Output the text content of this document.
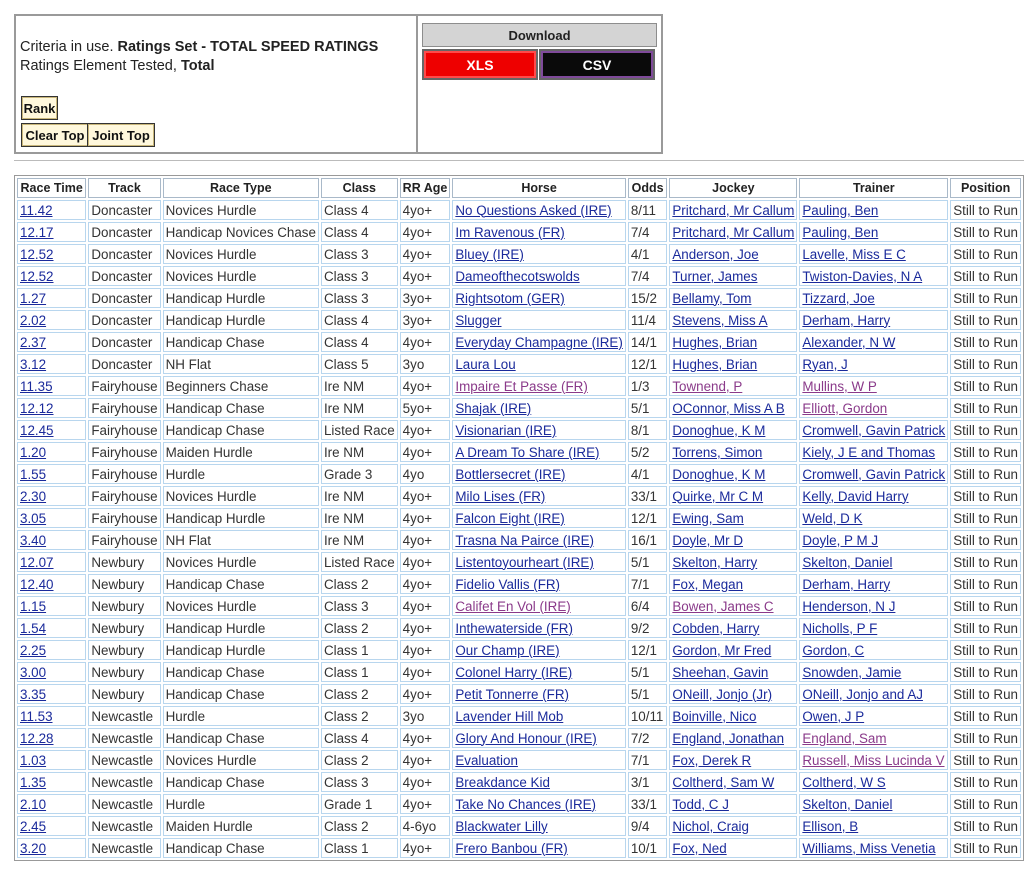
Criteria in use. Ratings Set - TOTAL SPEED RATINGS
Ratings Element Tested, Total
Rank
Clear Top Joint Top
Download
XLS	CSV
Race Time	Track	Race Type	Class	RR Age	Horse	Odds	Jockey	Trainer	Position
11.42	Doncaster	Novices Hurdle	Class 4	4yo+	No Questions Asked (IRE)	8/11	Pritchard, Mr Callum	Pauling, Ben	Still to Run
12.17	Doncaster	Handicap Novices Chase	Class 4	4yo+	Im Ravenous (FR)	7/4	Pritchard, Mr Callum	Pauling, Ben	Still to Run
12.52	Doncaster	Novices Hurdle	Class 3	4yo+	Bluey (IRE)	4/1	Anderson, Joe	Lavelle, Miss E C	Still to Run
12.52	Doncaster	Novices Hurdle	Class 3	4yo+	Dameofthecotswolds	7/4	Turner, James	Twiston-Davies, N A	Still to Run
1.27	Doncaster	Handicap Hurdle	Class 3	3yo+	Rightsotom (GER)	15/2	Bellamy, Tom	Tizzard, Joe	Still to Run
2.02	Doncaster	Handicap Hurdle	Class 4	3yo+	Slugger	11/4	Stevens, Miss A	Derham, Harry	Still to Run
2.37	Doncaster	Handicap Chase	Class 4	4yo+	Everyday Champagne (IRE)	14/1	Hughes, Brian	Alexander, N W	Still to Run
3.12	Doncaster	NH Flat	Class 5	3yo	Laura Lou	12/1	Hughes, Brian	Ryan, J	Still to Run
11.35	Fairyhouse	Beginners Chase	Ire NM	4yo+	Impaire Et Passe (FR)	1/3	Townend, P	Mullins, W P	Still to Run
12.12	Fairyhouse	Handicap Chase	Ire NM	5yo+	Shajak (IRE)	5/1	OConnor, Miss A B	Elliott, Gordon	Still to Run
12.45	Fairyhouse	Handicap Chase	Listed Race	4yo+	Visionarian (IRE)	8/1	Donoghue, K M	Cromwell, Gavin Patrick	Still to Run
1.20	Fairyhouse	Maiden Hurdle	Ire NM	4yo+	A Dream To Share (IRE)	5/2	Torrens, Simon	Kiely, J E and Thomas	Still to Run
1.55	Fairyhouse	Hurdle	Grade 3	4yo	Bottlersecret (IRE)	4/1	Donoghue, K M	Cromwell, Gavin Patrick	Still to Run
2.30	Fairyhouse	Novices Hurdle	Ire NM	4yo+	Milo Lises (FR)	33/1	Quirke, Mr C M	Kelly, David Harry	Still to Run
3.05	Fairyhouse	Handicap Hurdle	Ire NM	4yo+	Falcon Eight (IRE)	12/1	Ewing, Sam	Weld, D K	Still to Run
3.40	Fairyhouse	NH Flat	Ire NM	4yo+	Trasna Na Pairce (IRE)	16/1	Doyle, Mr D	Doyle, P M J	Still to Run
12.07	Newbury	Novices Hurdle	Listed Race	4yo+	Listentoyourheart (IRE)	5/1	Skelton, Harry	Skelton, Daniel	Still to Run
12.40	Newbury	Handicap Chase	Class 2	4yo+	Fidelio Vallis (FR)	7/1	Fox, Megan	Derham, Harry	Still to Run
1.15	Newbury	Novices Hurdle	Class 3	4yo+	Califet En Vol (IRE)	6/4	Bowen, James C	Henderson, N J	Still to Run
1.54	Newbury	Handicap Hurdle	Class 2	4yo+	Inthewaterside (FR)	9/2	Cobden, Harry	Nicholls, P F	Still to Run
2.25	Newbury	Handicap Hurdle	Class 1	4yo+	Our Champ (IRE)	12/1	Gordon, Mr Fred	Gordon, C	Still to Run
3.00	Newbury	Handicap Chase	Class 1	4yo+	Colonel Harry (IRE)	5/1	Sheehan, Gavin	Snowden, Jamie	Still to Run
3.35	Newbury	Handicap Chase	Class 2	4yo+	Petit Tonnerre (FR)	5/1	ONeill, Jonjo (Jr)	ONeill, Jonjo and AJ	Still to Run
11.53	Newcastle	Hurdle	Class 2	3yo	Lavender Hill Mob	10/11	Boinville, Nico	Owen, J P	Still to Run
12.28	Newcastle	Handicap Chase	Class 4	4yo+	Glory And Honour (IRE)	7/2	England, Jonathan	England, Sam	Still to Run
1.03	Newcastle	Novices Hurdle	Class 2	4yo+	Evaluation	7/1	Fox, Derek R	Russell, Miss Lucinda V	Still to Run
1.35	Newcastle	Handicap Chase	Class 3	4yo+	Breakdance Kid	3/1	Coltherd, Sam W	Coltherd, W S	Still to Run
2.10	Newcastle	Hurdle	Grade 1	4yo+	Take No Chances (IRE)	33/1	Todd, C J	Skelton, Daniel	Still to Run
2.45	Newcastle	Maiden Hurdle	Class 2	4-6yo	Blackwater Lilly	9/4	Nichol, Craig	Ellison, B	Still to Run
3.20	Newcastle	Handicap Chase	Class 1	4yo+	Frero Banbou (FR)	10/1	Fox, Ned	Williams, Miss Venetia	Still to Run
